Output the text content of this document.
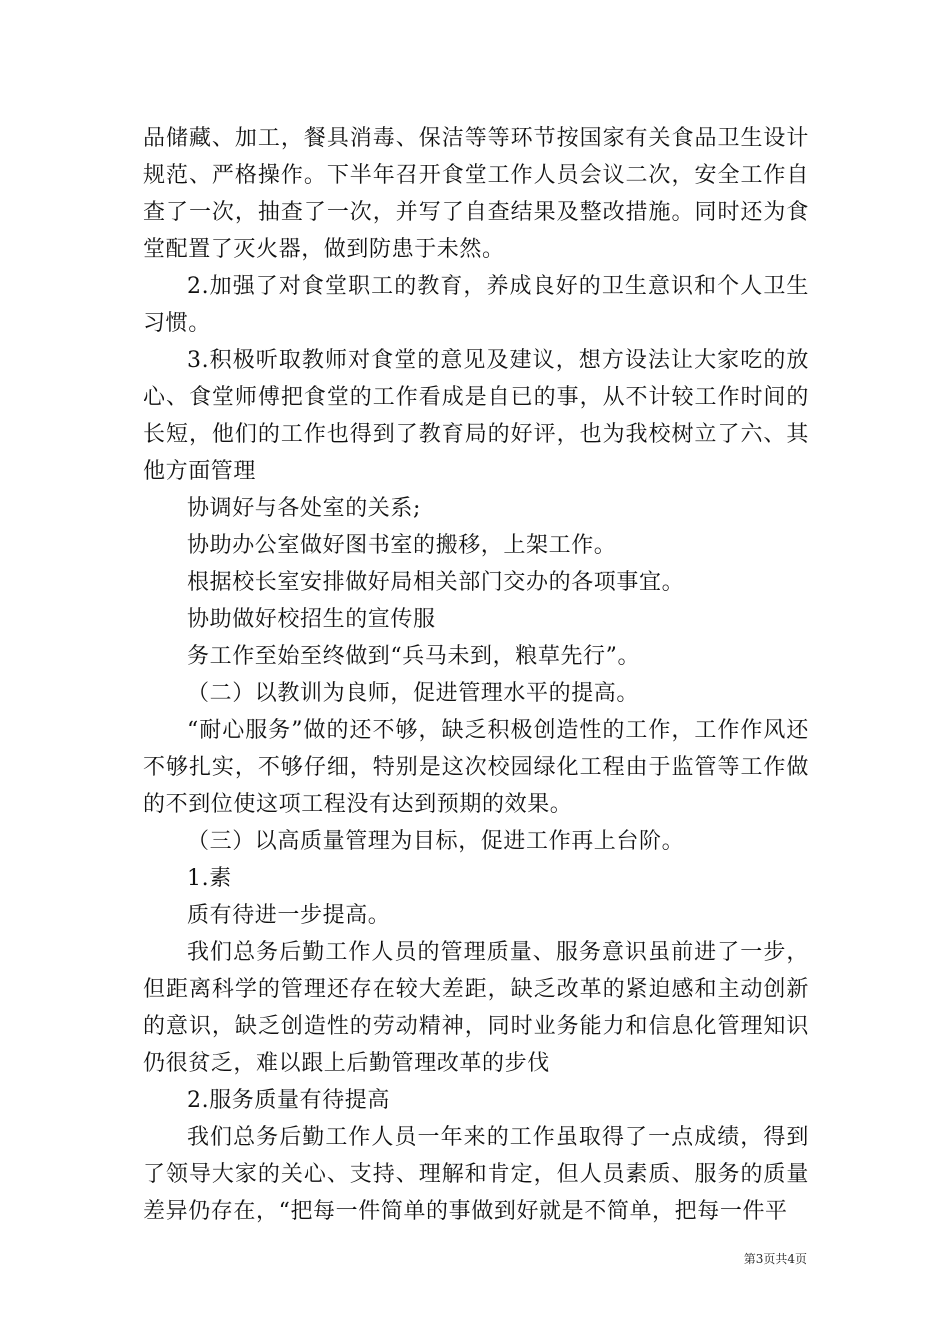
品储藏、加工，餐具消毒、保洁等等环节按国家有关食品卫生设计规范、严格操作。下半年召开食堂工作人员会议二次，安全工作自查了一次，抽查了一次，并写了自查结果及整改措施。同时还为食堂配置了灭火器，做到防患于未然。

2.加强了对食堂职工的教育，养成良好的卫生意识和个人卫生习惯。

3.积极听取教师对食堂的意见及建议，想方设法让大家吃的放心、食堂师傅把食堂的工作看成是自已的事，从不计较工作时间的长短，他们的工作也得到了教育局的好评，也为我校树立了六、其他方面管理

协调好与各处室的关系;

协助办公室做好图书室的搬移，上架工作。

根据校长室安排做好局相关部门交办的各项事宜。

协助做好校招生的宣传服

务工作至始至终做到“兵马未到，粮草先行”。

（二）以教训为良师，促进管理水平的提高。

“耐心服务”做的还不够，缺乏积极创造性的工作，工作作风还不够扎实，不够仔细，特别是这次校园绿化工程由于监管等工作做的不到位使这项工程没有达到预期的效果。

（三）以高质量管理为目标，促进工作再上台阶。

1.素

质有待进一步提高。

我们总务后勤工作人员的管理质量、服务意识虽前进了一步，但距离科学的管理还存在较大差距，缺乏改革的紧迫感和主动创新的意识，缺乏创造性的劳动精神，同时业务能力和信息化管理知识仍很贫乏，难以跟上后勤管理改革的步伐

2.服务质量有待提高

我们总务后勤工作人员一年来的工作虽取得了一点成绩，得到了领导大家的关心、支持、理解和肯定，但人员素质、服务的质量差异仍存在，“把每一件简单的事做到好就是不简单，把每一件平

第3页共4页
